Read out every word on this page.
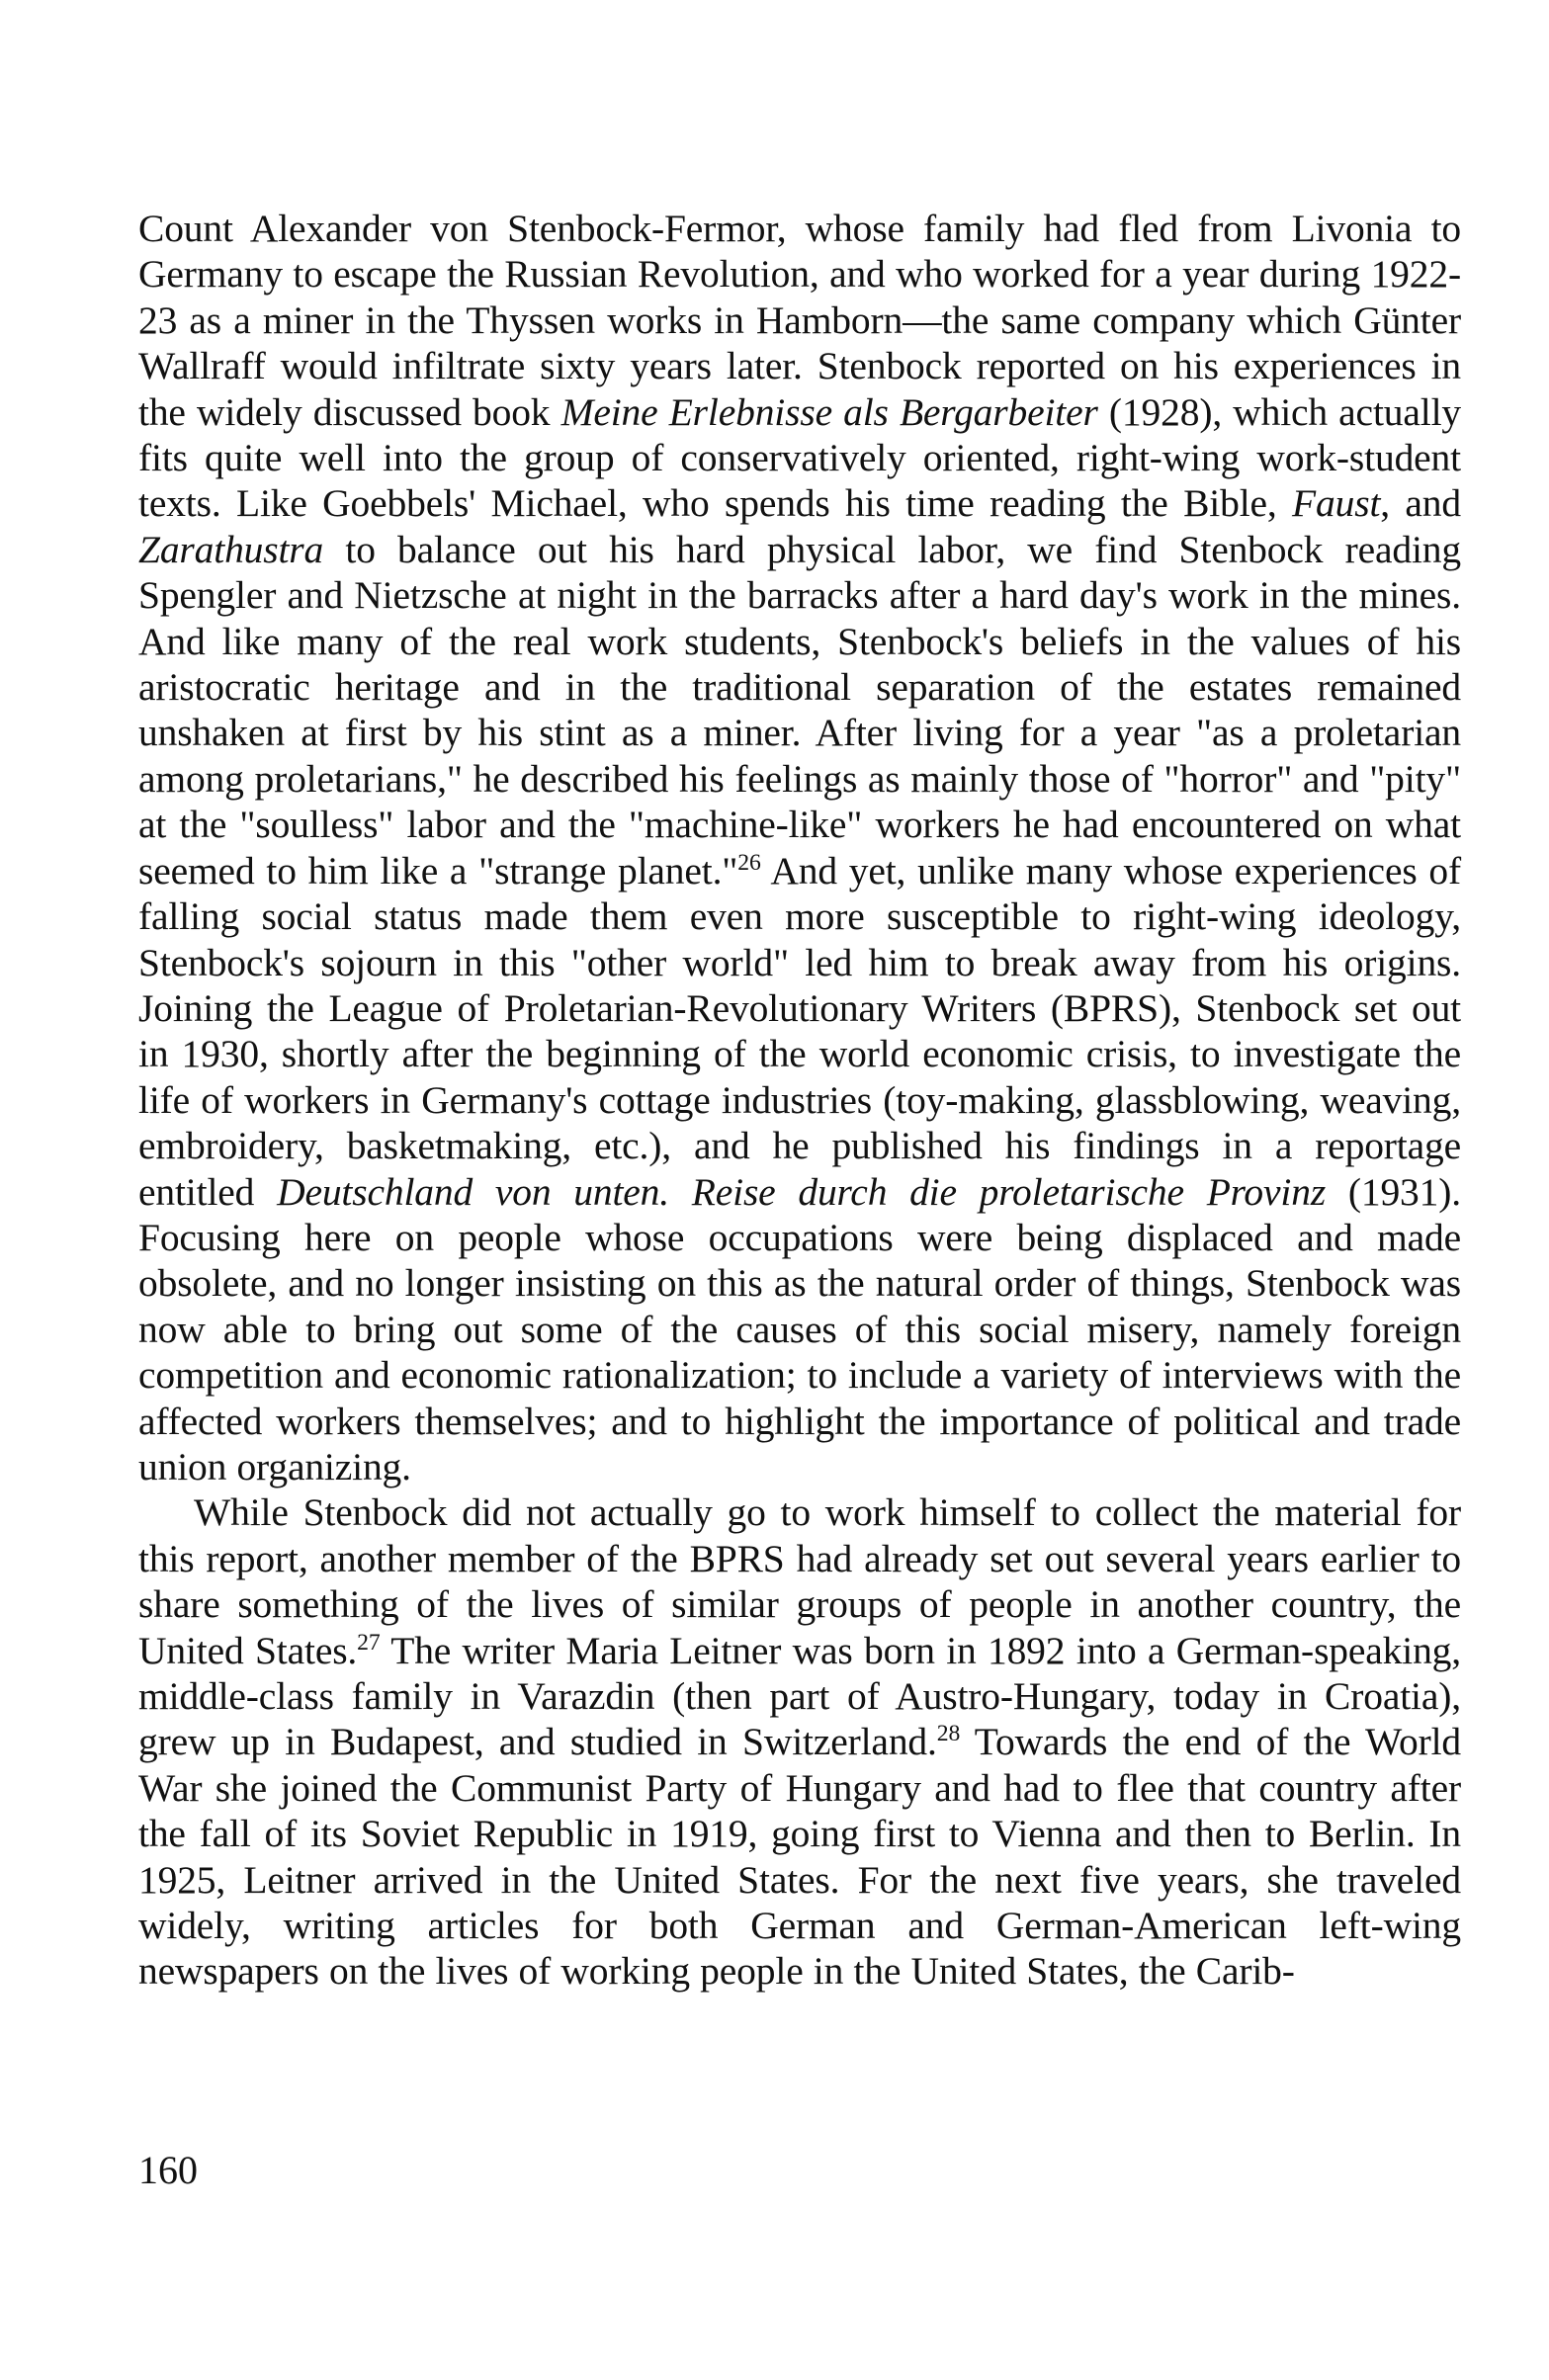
Count Alexander von Stenbock-Fermor, whose family had fled from Livonia to Germany to escape the Russian Revolution, and who worked for a year during 1922-23 as a miner in the Thyssen works in Hamborn—the same company which Günter Wallraff would infiltrate sixty years later. Stenbock reported on his experiences in the widely discussed book Meine Erlebnisse als Bergarbeiter (1928), which actually fits quite well into the group of conservatively oriented, right-wing work-student texts. Like Goebbels' Michael, who spends his time reading the Bible, Faust, and Zarathustra to balance out his hard physical labor, we find Stenbock reading Spengler and Nietzsche at night in the barracks after a hard day's work in the mines. And like many of the real work students, Stenbock's beliefs in the values of his aristocratic heritage and in the traditional separation of the estates remained unshaken at first by his stint as a miner. After living for a year "as a proletarian among proletarians," he described his feelings as mainly those of "horror" and "pity" at the "soulless" labor and the "machine-like" workers he had encountered on what seemed to him like a "strange planet."$^{26}$ And yet, unlike many whose experiences of falling social status made them even more susceptible to right-wing ideology, Stenbock's sojourn in this "other world" led him to break away from his origins. Joining the League of Proletarian-Revolutionary Writers (BPRS), Stenbock set out in 1930, shortly after the beginning of the world economic crisis, to investigate the life of workers in Germany's cottage industries (toy-making, glassblowing, weaving, embroidery, basketmaking, etc.), and he published his findings in a reportage entitled Deutschland von unten. Reise durch die proletarische Provinz (1931). Focusing here on people whose occupations were being displaced and made obsolete, and no longer insisting on this as the natural order of things, Stenbock was now able to bring out some of the causes of this social misery, namely foreign competition and economic rationalization; to include a variety of interviews with the affected workers themselves; and to highlight the importance of political and trade union organizing.

While Stenbock did not actually go to work himself to collect the material for this report, another member of the BPRS had already set out several years earlier to share something of the lives of similar groups of people in another country, the United States.$^{27}$ The writer Maria Leitner was born in 1892 into a German-speaking, middle-class family in Varazdin (then part of Austro-Hungary, today in Croatia), grew up in Budapest, and studied in Switzerland.$^{28}$ Towards the end of the World War she joined the Communist Party of Hungary and had to flee that country after the fall of its Soviet Republic in 1919, going first to Vienna and then to Berlin. In 1925, Leitner arrived in the United States. For the next five years, she traveled widely, writing articles for both German and German-American left-wing newspapers on the lives of working people in the United States, the Carib-

160
